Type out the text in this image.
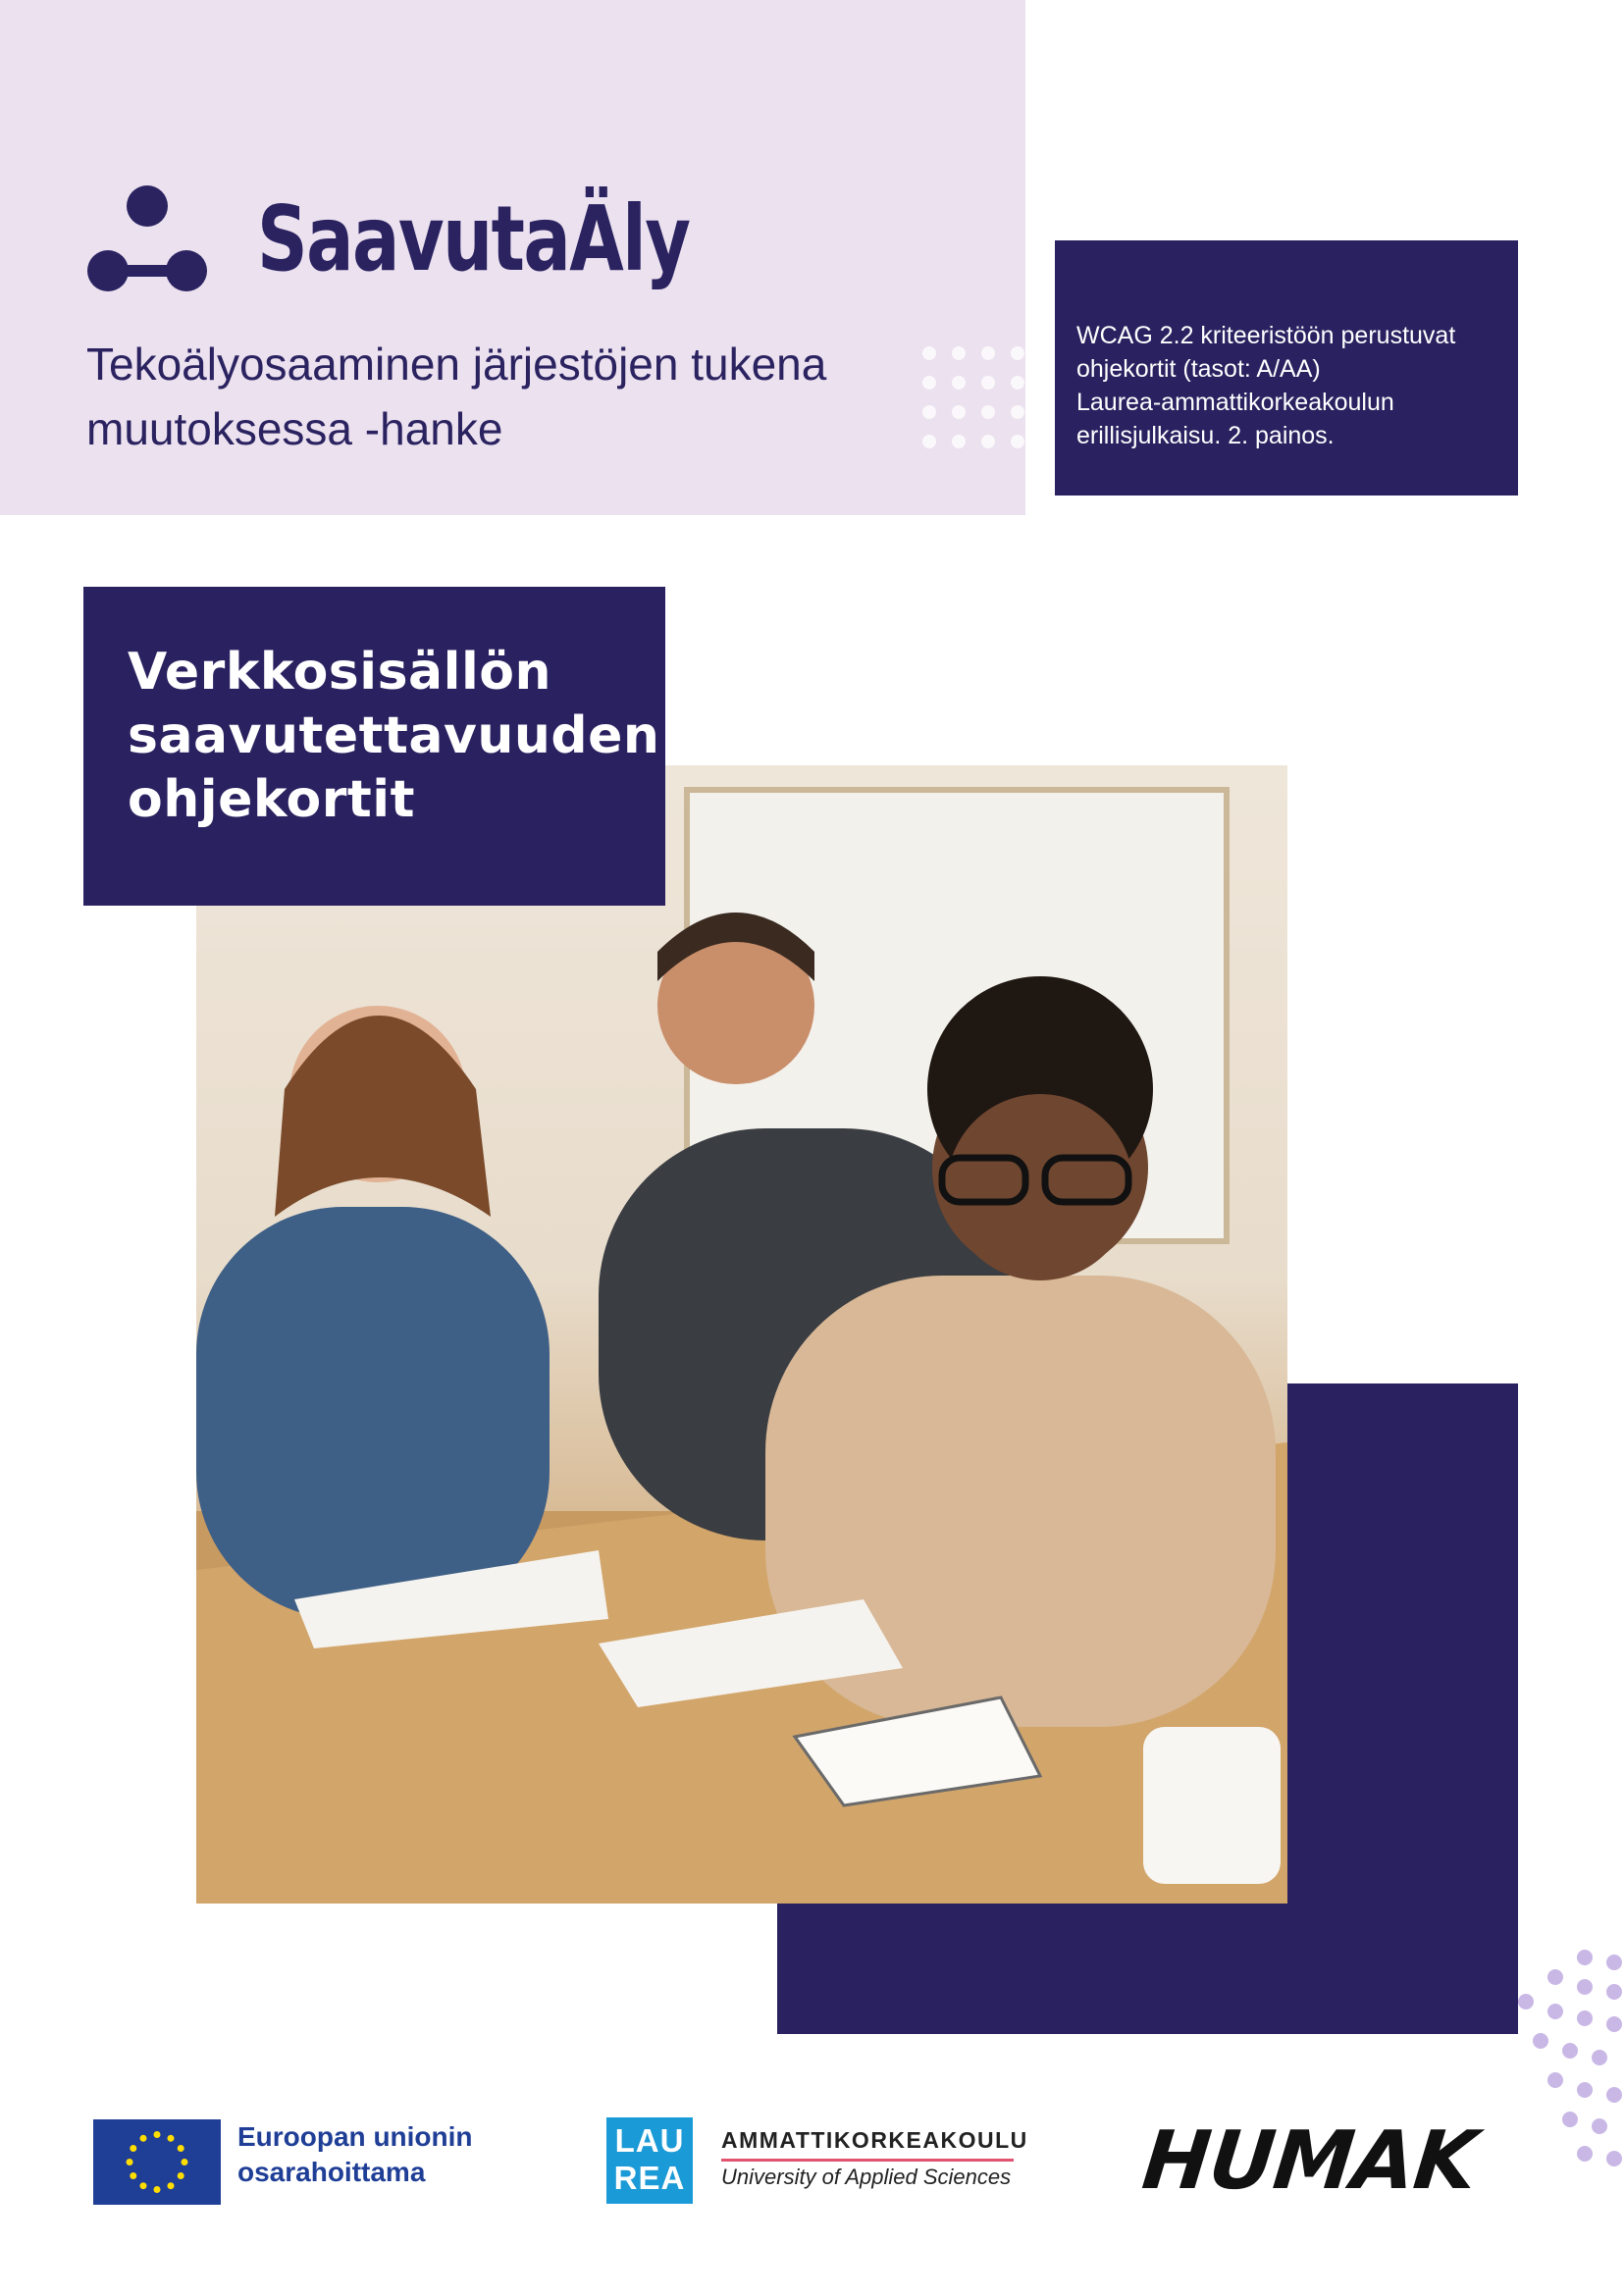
SaavutaÄly
Tekoälyosaaminen järjestöjen tukena
muutoksessa -hanke
WCAG 2.2 kriteeristöön perustuvat
ohjekortit (tasot: A/AA)
Laurea-ammattikorkeakoulun
erillisjulkaisu. 2. painos.
Verkkosisällön
saavutettavuuden
ohjekortit
Euroopan unionin
osarahoittama
LAU
REA
AMMATTIKORKEAKOULU
University of Applied Sciences HUMAK
